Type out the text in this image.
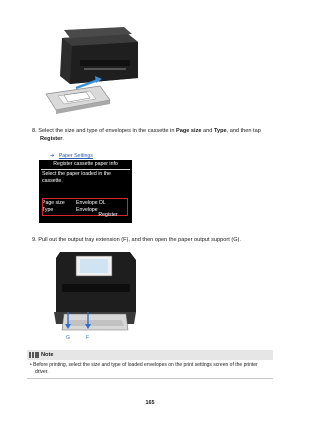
8. Select the size and type of envelopes in the cassette in Page size and Type, and then tap
Register.
➔ Paper Settings
Register cassette paper info
Select the paper loaded in the
cassette.
Page size	Envelope DL
Type	Envelope
Register
9. Pull out the output tray extension (F), and then open the paper output support (G).
G	F
Note
• Before printing, select the size and type of loaded envelopes on the print settings screen of the printer
driver.
165
